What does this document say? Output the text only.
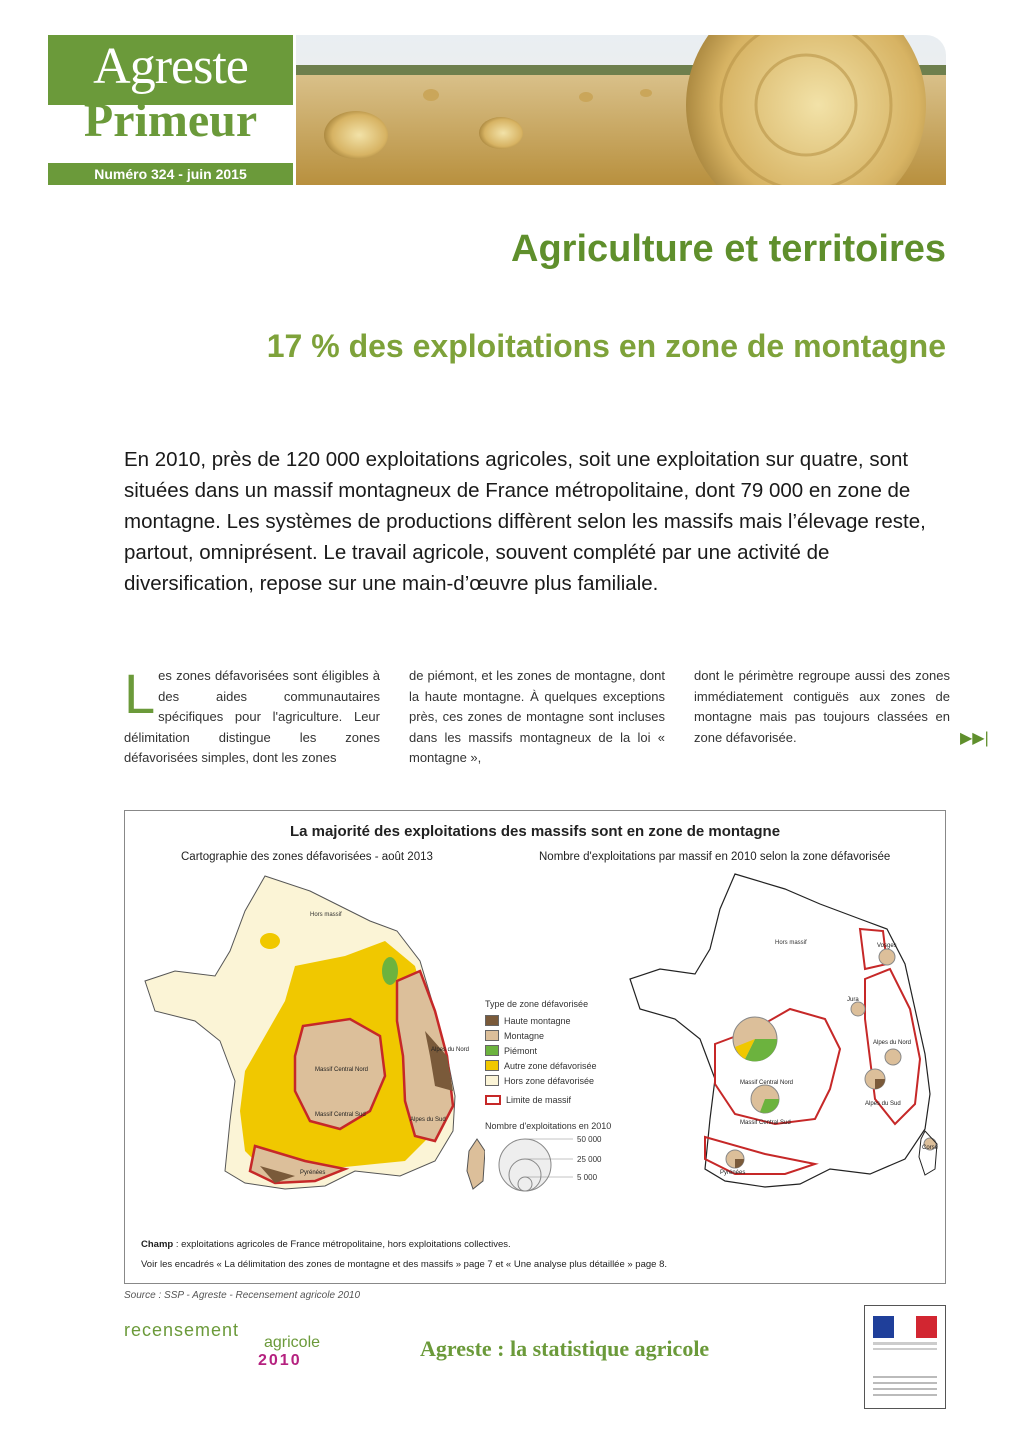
Agreste
Primeur
Numéro 324 - juin 2015
Agriculture et territoires
17 % des exploitations en zone de montagne
En 2010, près de 120 000 exploitations agricoles, soit une exploitation sur quatre, sont situées dans un massif montagneux de France métropolitaine, dont 79 000 en zone de montagne. Les systèmes de productions diffèrent selon les massifs mais l’élevage reste, partout, omniprésent. Le travail agricole, souvent complété par une activité de diversification, repose sur une main-d’œuvre plus familiale.
Les zones défavorisées sont éligibles à des aides communautaires spécifiques pour l'agriculture. Leur délimitation distingue les zones défavorisées simples, dont les zones
de piémont, et les zones de montagne, dont la haute montagne. À quelques exceptions près, ces zones de montagne sont incluses dans les massifs montagneux de la loi « montagne »,
dont le périmètre regroupe aussi des zones immédiatement contiguës aux zones de montagne mais pas toujours classées en zone défavorisée.	▶▶|
La majorité des exploitations des massifs sont en zone de montagne
Cartographie des zones défavorisées - août 2013	Nombre d'exploitations par massif en 2010 selon la zone défavorisée
Hors massif
Massif Central Nord
Massif Central Sud
Alpes du Nord
Alpes du Sud
Pyrénées
Type de zone défavorisée
Haute montagne
Montagne
Piémont
Autre zone défavorisée
Hors zone défavorisée
Limite de massif
Nombre d'exploitations en 2010
50 000
25 000
5 000
Hors massif
Massif Central Nord
Massif Central Sud
Vosges
Jura
Alpes du Nord
Alpes du Sud
Pyrénées
Corse
Champ : exploitations agricoles de France métropolitaine, hors exploitations collectives.
Voir les encadrés « La délimitation des zones de montagne et des massifs » page 7 et « Une analyse plus détaillée » page 8.
Source : SSP - Agreste - Recensement agricole 2010
recensement
agricole
2010	Agreste : la statistique agricole
